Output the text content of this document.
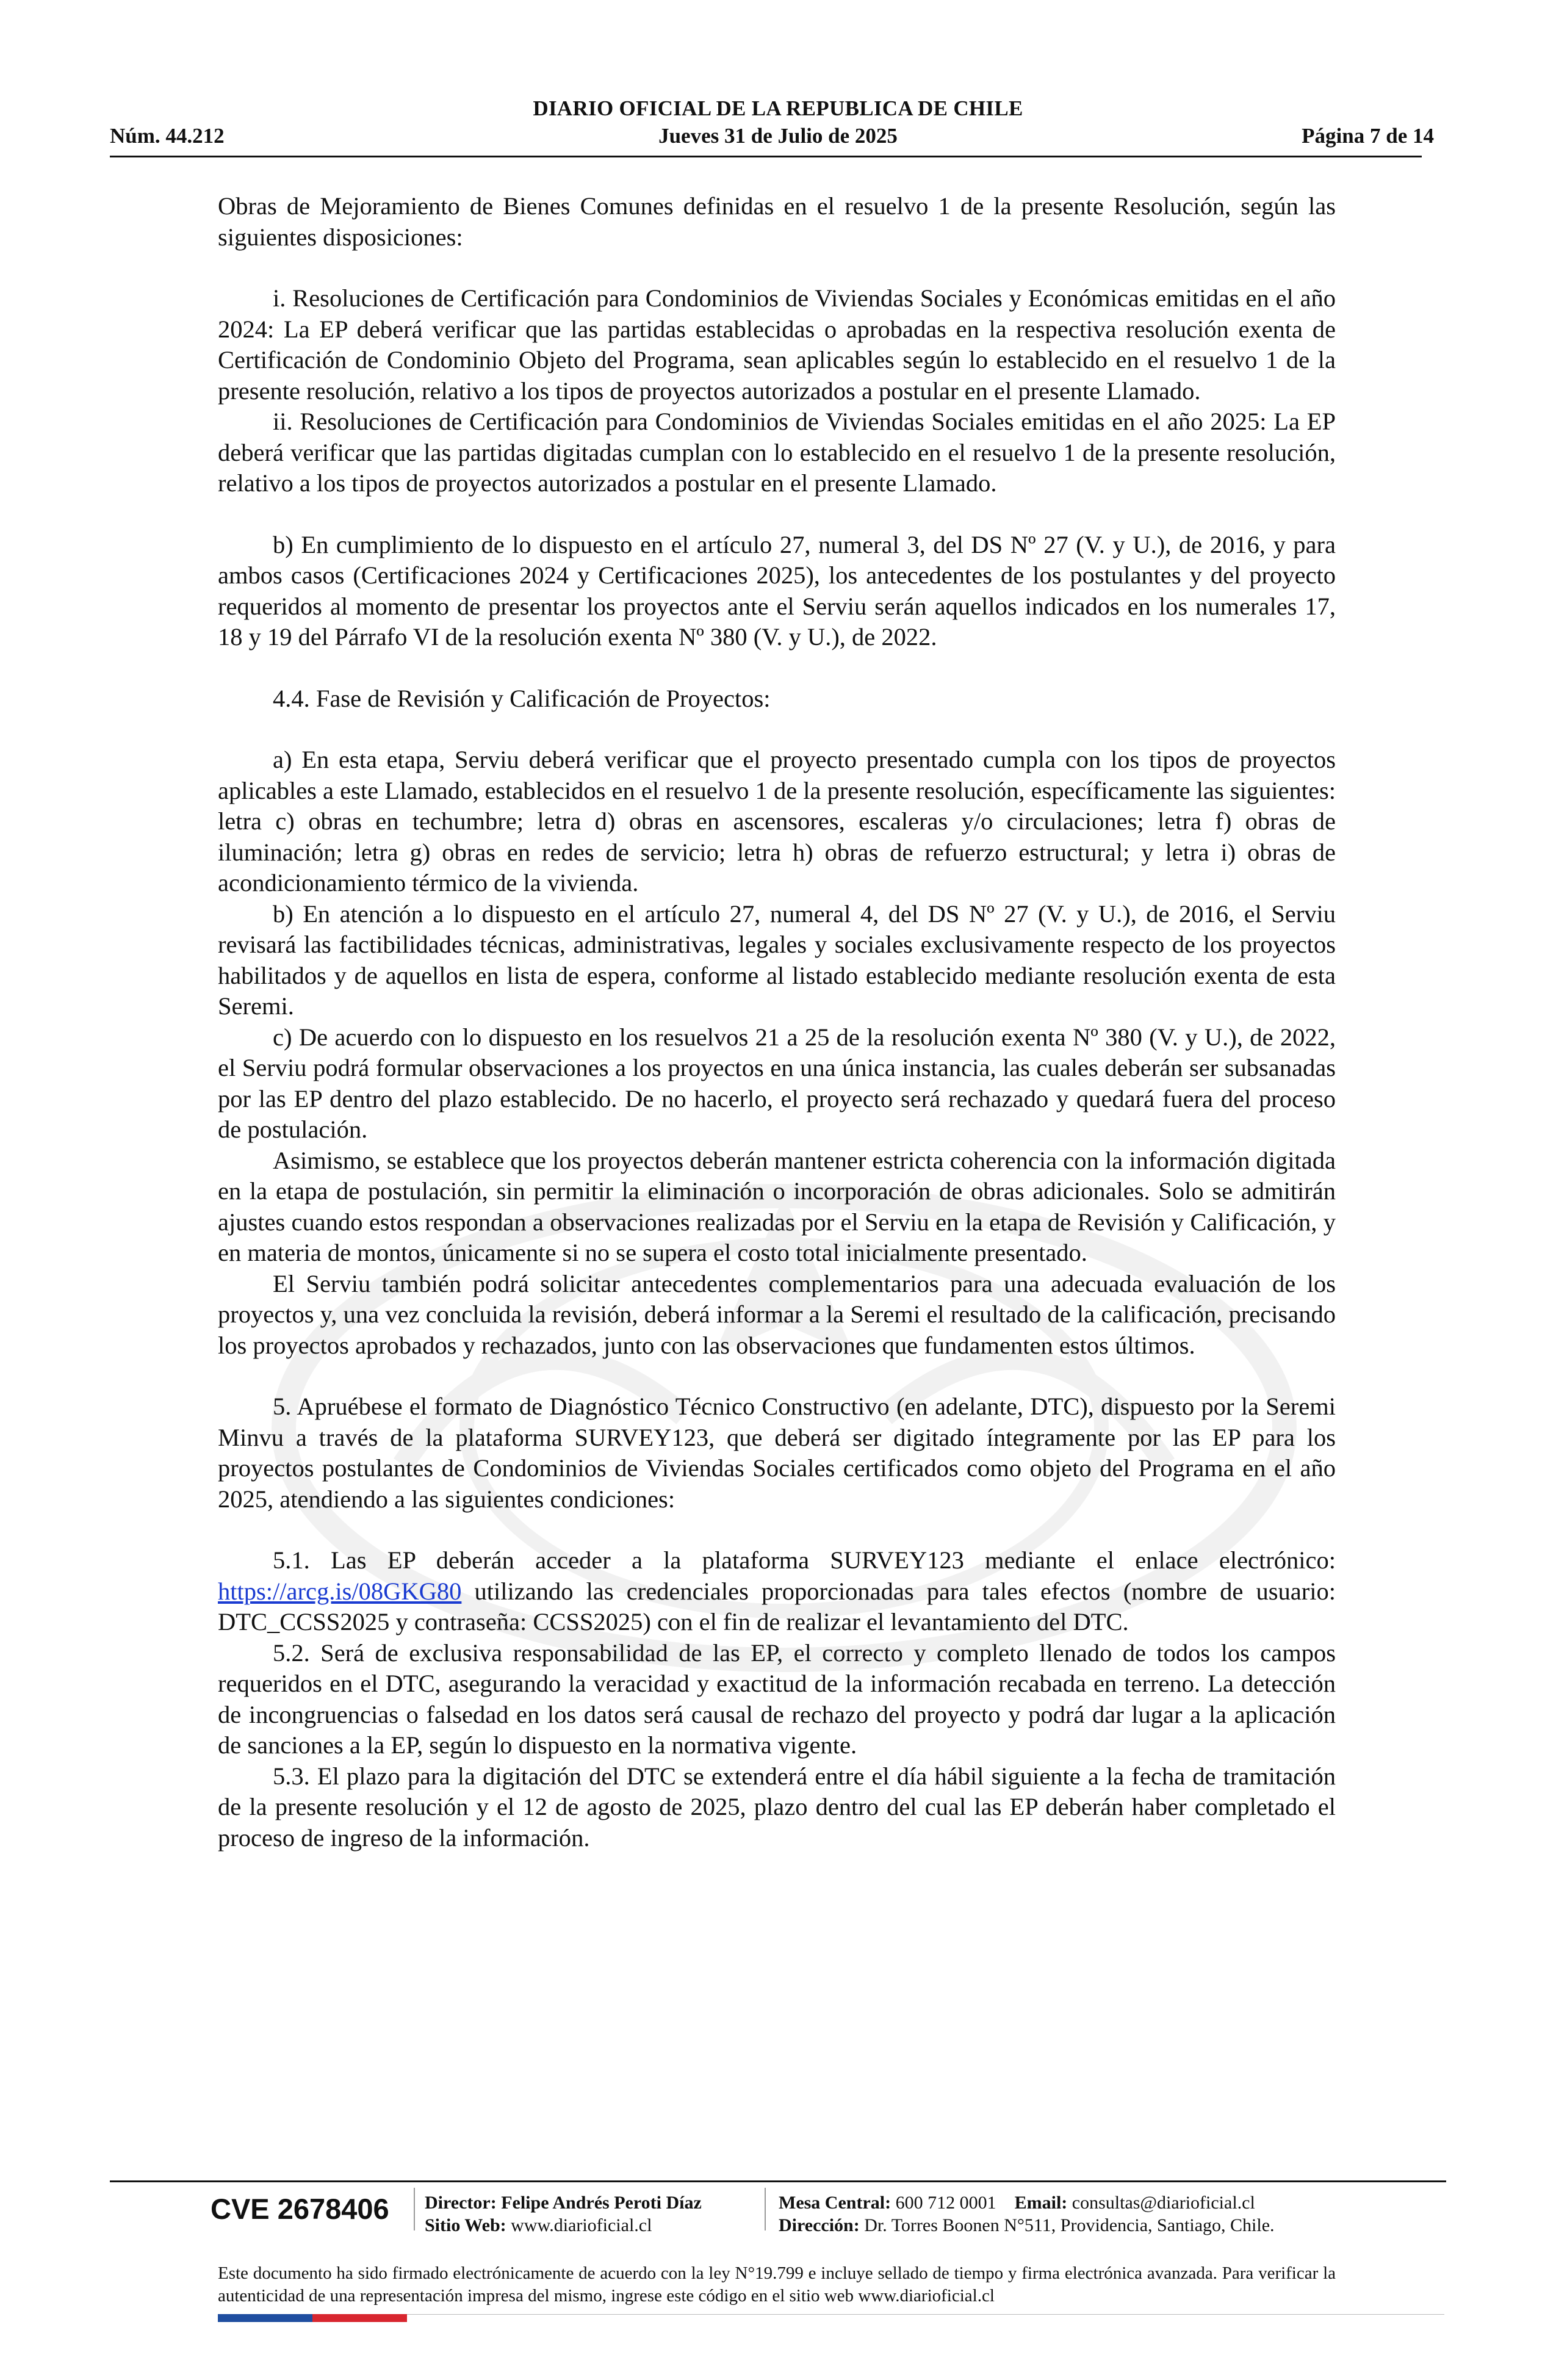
DIARIO OFICIAL DE LA REPUBLICA DE CHILE
Núm. 44.212	Jueves 31 de Julio de 2025	Página 7 de 14

Obras de Mejoramiento de Bienes Comunes definidas en el resuelvo 1 de la presente Resolución, según las siguientes disposiciones:

i. Resoluciones de Certificación para Condominios de Viviendas Sociales y Económicas emitidas en el año 2024: La EP deberá verificar que las partidas establecidas o aprobadas en la respectiva resolución exenta de Certificación de Condominio Objeto del Programa, sean aplicables según lo establecido en el resuelvo 1 de la presente resolución, relativo a los tipos de proyectos autorizados a postular en el presente Llamado.

ii. Resoluciones de Certificación para Condominios de Viviendas Sociales emitidas en el año 2025: La EP deberá verificar que las partidas digitadas cumplan con lo establecido en el resuelvo 1 de la presente resolución, relativo a los tipos de proyectos autorizados a postular en el presente Llamado.

b) En cumplimiento de lo dispuesto en el artículo 27, numeral 3, del DS Nº 27 (V. y U.), de 2016, y para ambos casos (Certificaciones 2024 y Certificaciones 2025), los antecedentes de los postulantes y del proyecto requeridos al momento de presentar los proyectos ante el Serviu serán aquellos indicados en los numerales 17, 18 y 19 del Párrafo VI de la resolución exenta Nº 380 (V. y U.), de 2022.

4.4. Fase de Revisión y Calificación de Proyectos:

a) En esta etapa, Serviu deberá verificar que el proyecto presentado cumpla con los tipos de proyectos aplicables a este Llamado, establecidos en el resuelvo 1 de la presente resolución, específicamente las siguientes: letra c) obras en techumbre; letra d) obras en ascensores, escaleras y/o circulaciones; letra f) obras de iluminación; letra g) obras en redes de servicio; letra h) obras de refuerzo estructural; y letra i) obras de acondicionamiento térmico de la vivienda.

b) En atención a lo dispuesto en el artículo 27, numeral 4, del DS Nº 27 (V. y U.), de 2016, el Serviu revisará las factibilidades técnicas, administrativas, legales y sociales exclusivamente respecto de los proyectos habilitados y de aquellos en lista de espera, conforme al listado establecido mediante resolución exenta de esta Seremi.

c) De acuerdo con lo dispuesto en los resuelvos 21 a 25 de la resolución exenta Nº 380 (V. y U.), de 2022, el Serviu podrá formular observaciones a los proyectos en una única instancia, las cuales deberán ser subsanadas por las EP dentro del plazo establecido. De no hacerlo, el proyecto será rechazado y quedará fuera del proceso de postulación.

Asimismo, se establece que los proyectos deberán mantener estricta coherencia con la información digitada en la etapa de postulación, sin permitir la eliminación o incorporación de obras adicionales. Solo se admitirán ajustes cuando estos respondan a observaciones realizadas por el Serviu en la etapa de Revisión y Calificación, y en materia de montos, únicamente si no se supera el costo total inicialmente presentado.

El Serviu también podrá solicitar antecedentes complementarios para una adecuada evaluación de los proyectos y, una vez concluida la revisión, deberá informar a la Seremi el resultado de la calificación, precisando los proyectos aprobados y rechazados, junto con las observaciones que fundamenten estos últimos.

5. Apruébese el formato de Diagnóstico Técnico Constructivo (en adelante, DTC), dispuesto por la Seremi Minvu a través de la plataforma SURVEY123, que deberá ser digitado íntegramente por las EP para los proyectos postulantes de Condominios de Viviendas Sociales certificados como objeto del Programa en el año 2025, atendiendo a las siguientes condiciones:

5.1. Las EP deberán acceder a la plataforma SURVEY123 mediante el enlace electrónico: https://arcg.is/08GKG80 utilizando las credenciales proporcionadas para tales efectos (nombre de usuario: DTC_CCSS2025 y contraseña: CCSS2025) con el fin de realizar el levantamiento del DTC.

5.2. Será de exclusiva responsabilidad de las EP, el correcto y completo llenado de todos los campos requeridos en el DTC, asegurando la veracidad y exactitud de la información recabada en terreno. La detección de incongruencias o falsedad en los datos será causal de rechazo del proyecto y podrá dar lugar a la aplicación de sanciones a la EP, según lo dispuesto en la normativa vigente.

5.3. El plazo para la digitación del DTC se extenderá entre el día hábil siguiente a la fecha de tramitación de la presente resolución y el 12 de agosto de 2025, plazo dentro del cual las EP deberán haber completado el proceso de ingreso de la información.

CVE 2678406 Director: Felipe Andrés Peroti Díaz
Sitio Web: www.diarioficial.cl
Mesa Central: 600 712 0001 Email: consultas@diarioficial.cl
Dirección: Dr. Torres Boonen N°511, Providencia, Santiago, Chile.
Este documento ha sido firmado electrónicamente de acuerdo con la ley N°19.799 e incluye sellado de tiempo y firma electrónica avanzada. Para verificar la autenticidad de una representación impresa del mismo, ingrese este código en el sitio web www.diarioficial.cl
